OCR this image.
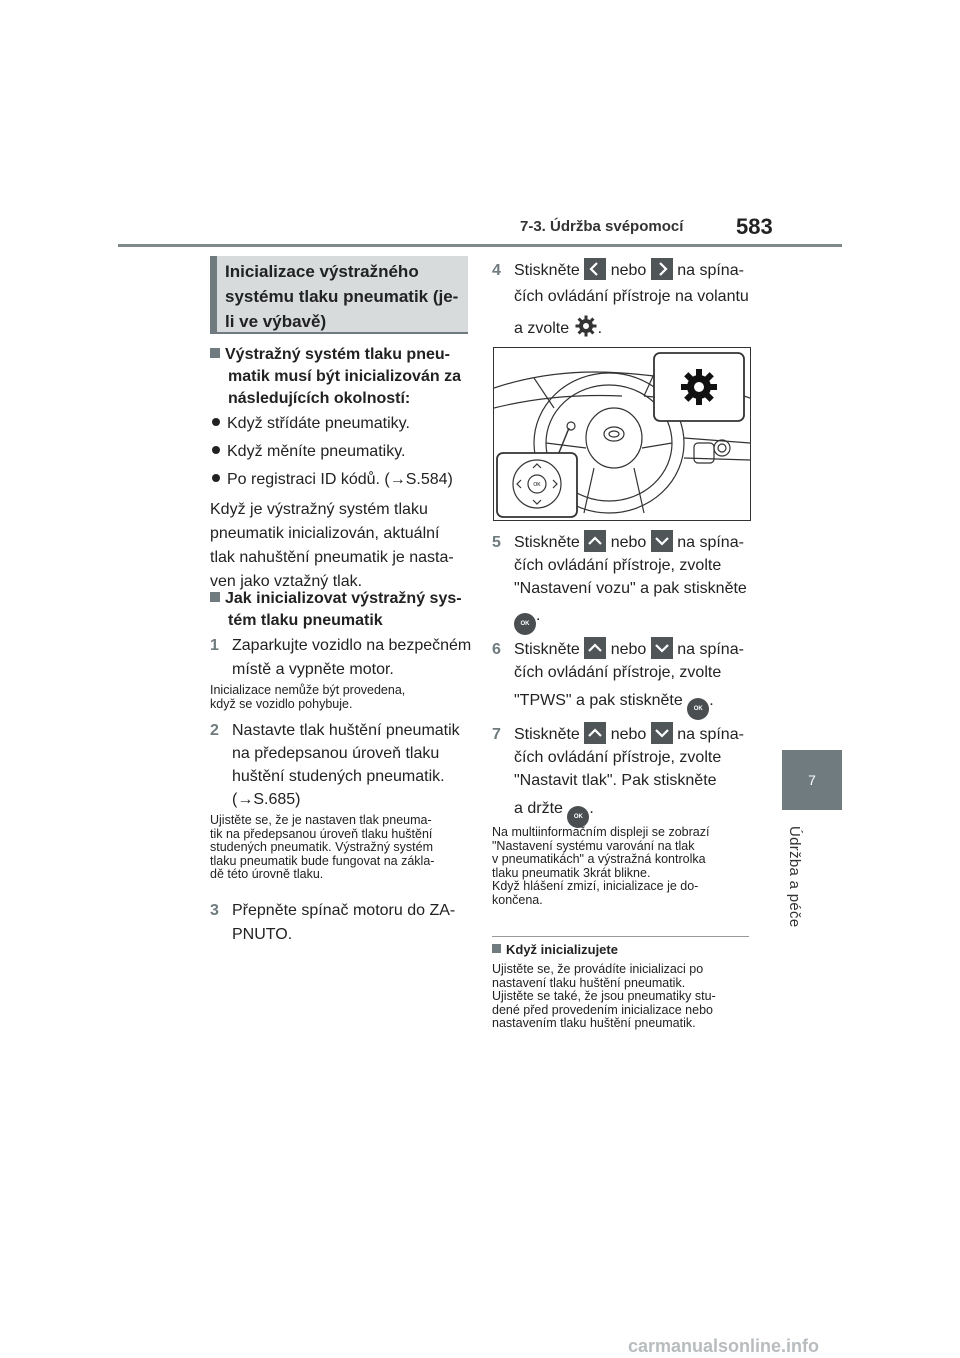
7-3. Údržba svépomocí 583
7
Údržba a péče
Inicializace výstražného systému tlaku pneumatik (je-li ve výbavě)
Výstražný systém tlaku pneu-
matik musí být inicializován za
následujících okolností:
Když střídáte pneumatiky.
Když měníte pneumatiky.
Po registraci ID kódů. (→S.584)
Když je výstražný systém tlaku
pneumatik inicializován, aktuální
tlak nahuštění pneumatik je nasta-
ven jako vztažný tlak.
Jak inicializovat výstražný sys-
tém tlaku pneumatik
1 Zaparkujte vozidlo na bezpečném
místě a vypněte motor.
Inicializace nemůže být provedena,
když se vozidlo pohybuje.
2 Nastavte tlak huštění pneumatik
na předepsanou úroveň tlaku
huštění studených pneumatik.
(→S.685)
Ujistěte se, že je nastaven tlak pneuma-
tik na předepsanou úroveň tlaku huštění
studených pneumatik. Výstražný systém
tlaku pneumatik bude fungovat na zákla-
dě této úrovně tlaku.
3 Přepněte spínač motoru do ZA-
PNUTO.
4 Stiskněte nebo na spína-
čích ovládání přístroje na volantu
a zvolte .
OK
5 Stiskněte nebo na spína-
čích ovládání přístroje, zvolte
"Nastavení vozu" a pak stiskněte
OK .
6 Stiskněte nebo na spína-
čích ovládání přístroje, zvolte
"TPWS" a pak stiskněte OK .
7 Stiskněte nebo na spína-
čích ovládání přístroje, zvolte
"Nastavit tlak". Pak stiskněte
a držte OK .
Na multiinformačním displeji se zobrazí
"Nastavení systému varování na tlak
v pneumatikách" a výstražná kontrolka
tlaku pneumatik 3krát blikne.
Když hlášení zmizí, inicializace je do-
končena.
Když inicializujete
Ujistěte se, že provádíte inicializaci po
nastavení tlaku huštění pneumatik.
Ujistěte se také, že jsou pneumatiky stu-
dené před provedením inicializace nebo
nastavením tlaku huštění pneumatik.
carmanualsonline.info
